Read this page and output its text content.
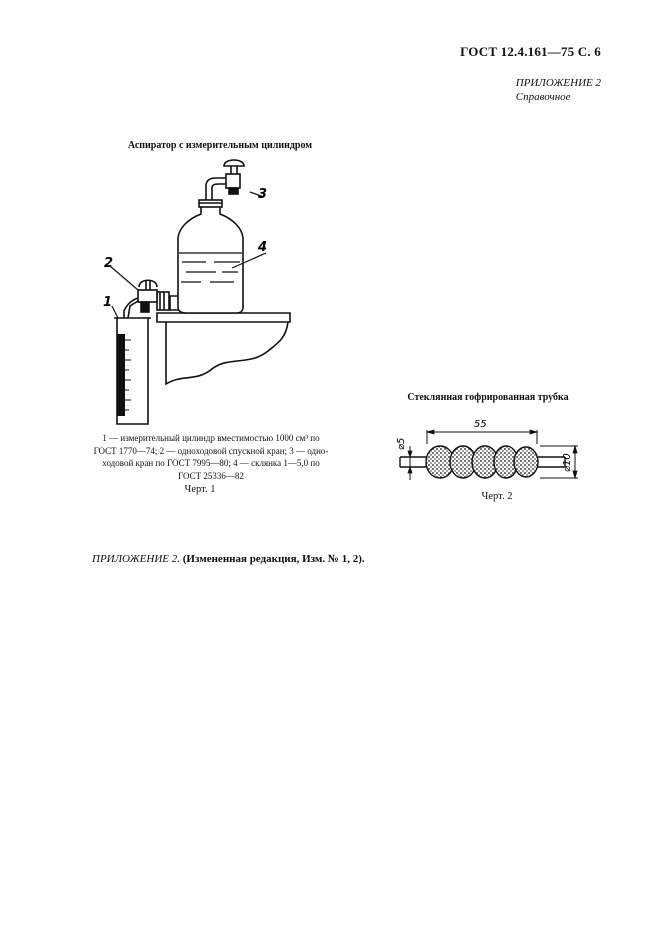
ГОСТ 12.4.161—75 С. 6
ПРИЛОЖЕНИЕ 2
Справочное
Аспиратор с измерительным цилиндром
2
1
3
4
1 — измерительный цилиндр вместимостью 1000 см³ по
ГОСТ 1770—74; 2 — одноходовой спускной кран; 3 — одно-
ходовой кран по ГОСТ 7995—80; 4 — склянка 1—5,0 по
ГОСТ 25336—82
Черт. 1
Стеклянная гофрированная трубка
55
⌀5
⌀10
Черт. 2
ПРИЛОЖЕНИЕ 2. (Измененная редакция, Изм. № 1, 2).
